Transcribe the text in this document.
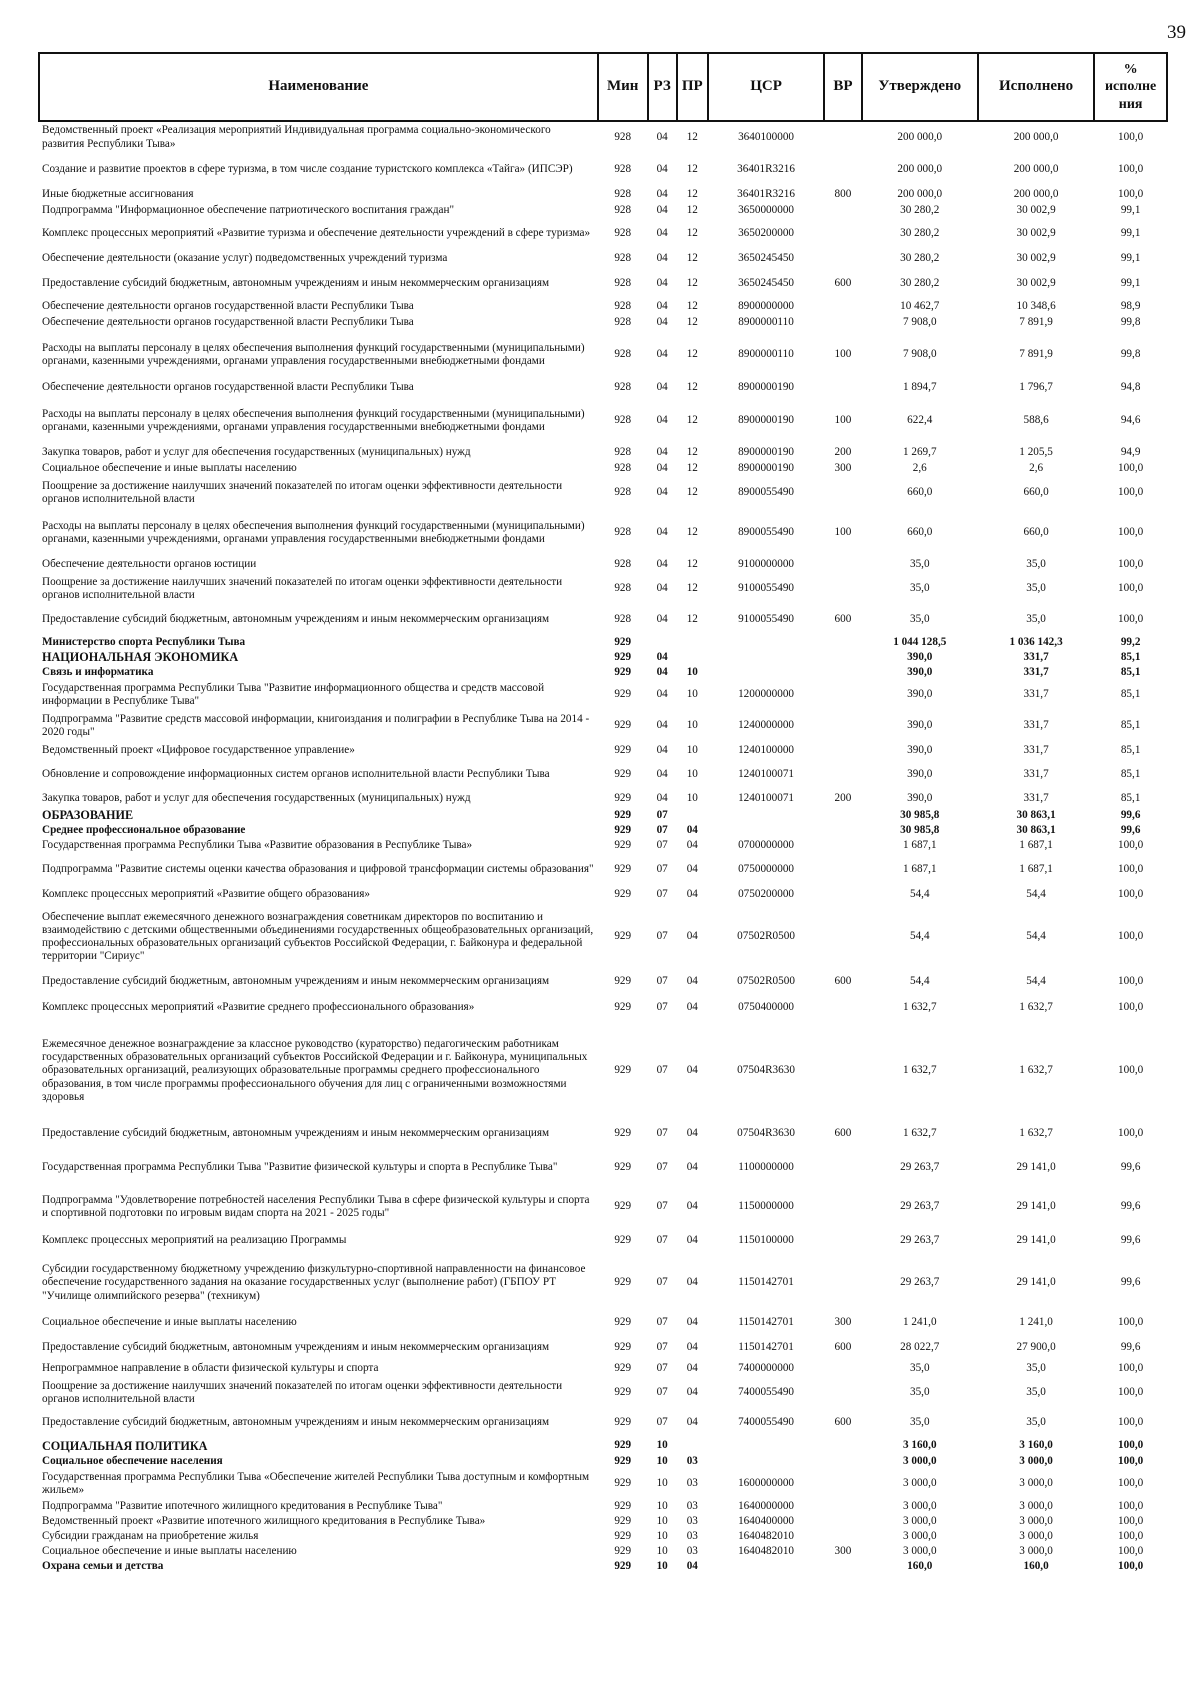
39
Наименование	Мин	РЗ	ПР	ЦСР	ВР	Утверждено	Исполнено	% исполне ния
Ведомственный проект «Реализация мероприятий Индивидуальная программа социально-экономического развития Республики Тыва»	928	04	12	3640100000		200 000,0	200 000,0	100,0
Создание и развитие проектов в сфере туризма, в том числе создание туристского комплекса «Тайга» (ИПСЭР)	928	04	12	36401R3216		200 000,0	200 000,0	100,0
Иные бюджетные ассигнования	928	04	12	36401R3216	800	200 000,0	200 000,0	100,0
Подпрограмма "Информационное обеспечение патриотического воспитания граждан"	928	04	12	3650000000		30 280,2	30 002,9	99,1
Комплекс процессных мероприятий «Развитие туризма и обеспечение деятельности учреждений в сфере туризма»	928	04	12	3650200000		30 280,2	30 002,9	99,1
Обеспечение деятельности (оказание услуг) подведомственных учреждений туризма	928	04	12	3650245450		30 280,2	30 002,9	99,1
Предоставление субсидий бюджетным, автономным учреждениям и иным некоммерческим организациям	928	04	12	3650245450	600	30 280,2	30 002,9	99,1
Обеспечение деятельности органов государственной власти Республики Тыва	928	04	12	8900000000		10 462,7	10 348,6	98,9
Обеспечение деятельности органов государственной власти Республики Тыва	928	04	12	8900000110		7 908,0	7 891,9	99,8
Расходы на выплаты персоналу в целях обеспечения выполнения функций государственными (муниципальными) органами, казенными учреждениями, органами управления государственными внебюджетными фондами	928	04	12	8900000110	100	7 908,0	7 891,9	99,8
Обеспечение деятельности органов государственной власти Республики Тыва	928	04	12	8900000190		1 894,7	1 796,7	94,8
Расходы на выплаты персоналу в целях обеспечения выполнения функций государственными (муниципальными) органами, казенными учреждениями, органами управления государственными внебюджетными фондами	928	04	12	8900000190	100	622,4	588,6	94,6
Закупка товаров, работ и услуг для обеспечения государственных (муниципальных) нужд	928	04	12	8900000190	200	1 269,7	1 205,5	94,9
Социальное обеспечение и иные выплаты населению	928	04	12	8900000190	300	2,6	2,6	100,0
Поощрение за достижение наилучших значений показателей по итогам оценки эффективности деятельности органов исполнительной власти	928	04	12	8900055490		660,0	660,0	100,0
Расходы на выплаты персоналу в целях обеспечения выполнения функций государственными (муниципальными) органами, казенными учреждениями, органами управления государственными внебюджетными фондами	928	04	12	8900055490	100	660,0	660,0	100,0
Обеспечение деятельности органов юстиции	928	04	12	9100000000		35,0	35,0	100,0
Поощрение за достижение наилучших значений показателей по итогам оценки эффективности деятельности органов исполнительной власти	928	04	12	9100055490		35,0	35,0	100,0
Предоставление субсидий бюджетным, автономным учреждениям и иным некоммерческим организациям	928	04	12	9100055490	600	35,0	35,0	100,0
Министерство спорта Республики Тыва	929					1 044 128,5	1 036 142,3	99,2
НАЦИОНАЛЬНАЯ ЭКОНОМИКА	929	04				390,0	331,7	85,1
Связь и информатика	929	04	10			390,0	331,7	85,1
Государственная программа Республики Тыва "Развитие информационного общества и средств массовой информации в Республике Тыва"	929	04	10	1200000000		390,0	331,7	85,1
Подпрограмма "Развитие средств массовой информации, книгоиздания и полиграфии в Республике Тыва на 2014 - 2020 годы"	929	04	10	1240000000		390,0	331,7	85,1
Ведомственный проект «Цифровое государственное управление»	929	04	10	1240100000		390,0	331,7	85,1
Обновление и сопровождение информационных систем органов исполнительной власти Республики Тыва	929	04	10	1240100071		390,0	331,7	85,1
Закупка товаров, работ и услуг для обеспечения государственных (муниципальных) нужд	929	04	10	1240100071	200	390,0	331,7	85,1
ОБРАЗОВАНИЕ	929	07				30 985,8	30 863,1	99,6
Среднее профессиональное образование	929	07	04			30 985,8	30 863,1	99,6
Государственная программа Республики Тыва «Развитие образования в Республике Тыва»	929	07	04	0700000000		1 687,1	1 687,1	100,0
Подпрограмма "Развитие системы оценки качества образования и цифровой трансформации системы образования"	929	07	04	0750000000		1 687,1	1 687,1	100,0
Комплекс процессных мероприятий «Развитие общего образования»	929	07	04	0750200000		54,4	54,4	100,0
Обеспечение выплат ежемесячного денежного вознаграждения советникам директоров по воспитанию и взаимодействию с детскими общественными объединениями государственных общеобразовательных организаций, профессиональных образовательных организаций субъектов Российской Федерации, г. Байконура и федеральной территории "Сириус"	929	07	04	07502R0500		54,4	54,4	100,0
Предоставление субсидий бюджетным, автономным учреждениям и иным некоммерческим организациям	929	07	04	07502R0500	600	54,4	54,4	100,0
Комплекс процессных мероприятий «Развитие среднего профессионального образования»	929	07	04	0750400000		1 632,7	1 632,7	100,0
Ежемесячное денежное вознаграждение за классное руководство (кураторство) педагогическим работникам государственных образовательных организаций субъектов Российской Федерации и г. Байконура, муниципальных образовательных организаций, реализующих образовательные программы среднего профессионального образования, в том числе программы профессионального обучения для лиц с ограниченными возможностями здоровья	929	07	04	07504R3630		1 632,7	1 632,7	100,0
Предоставление субсидий бюджетным, автономным учреждениям и иным некоммерческим организациям	929	07	04	07504R3630	600	1 632,7	1 632,7	100,0
Государственная программа Республики Тыва "Развитие физической культуры и спорта в Республике Тыва"	929	07	04	1100000000		29 263,7	29 141,0	99,6
Подпрограмма "Удовлетворение потребностей населения Республики Тыва в сфере физической культуры и спорта и спортивной подготовки по игровым видам спорта на 2021 - 2025 годы"	929	07	04	1150000000		29 263,7	29 141,0	99,6
Комплекс процессных мероприятий на реализацию Программы	929	07	04	1150100000		29 263,7	29 141,0	99,6
Субсидии государственному бюджетному учреждению физкультурно-спортивной направленности на финансовое обеспечение государственного задания на оказание государственных услуг (выполнение работ) (ГБПОУ РТ "Училище олимпийского резерва" (техникум)	929	07	04	1150142701		29 263,7	29 141,0	99,6
Социальное обеспечение и иные выплаты населению	929	07	04	1150142701	300	1 241,0	1 241,0	100,0
Предоставление субсидий бюджетным, автономным учреждениям и иным некоммерческим организациям	929	07	04	1150142701	600	28 022,7	27 900,0	99,6
Непрограммное направление в области физической культуры и спорта	929	07	04	7400000000		35,0	35,0	100,0
Поощрение за достижение наилучших значений показателей по итогам оценки эффективности деятельности органов исполнительной власти	929	07	04	7400055490		35,0	35,0	100,0
Предоставление субсидий бюджетным, автономным учреждениям и иным некоммерческим организациям	929	07	04	7400055490	600	35,0	35,0	100,0
СОЦИАЛЬНАЯ ПОЛИТИКА	929	10				3 160,0	3 160,0	100,0
Социальное обеспечение населения	929	10	03			3 000,0	3 000,0	100,0
Государственная программа Республики Тыва «Обеспечение жителей Республики Тыва доступным и комфортным жильем»	929	10	03	1600000000		3 000,0	3 000,0	100,0
Подпрограмма "Развитие ипотечного жилищного кредитования в Республике Тыва"	929	10	03	1640000000		3 000,0	3 000,0	100,0
Ведомственный проект «Развитие ипотечного жилищного кредитования в Республике Тыва»	929	10	03	1640400000		3 000,0	3 000,0	100,0
Субсидии гражданам на приобретение жилья	929	10	03	1640482010		3 000,0	3 000,0	100,0
Социальное обеспечение и иные выплаты населению	929	10	03	1640482010	300	3 000,0	3 000,0	100,0
Охрана семьи и детства	929	10	04			160,0	160,0	100,0
